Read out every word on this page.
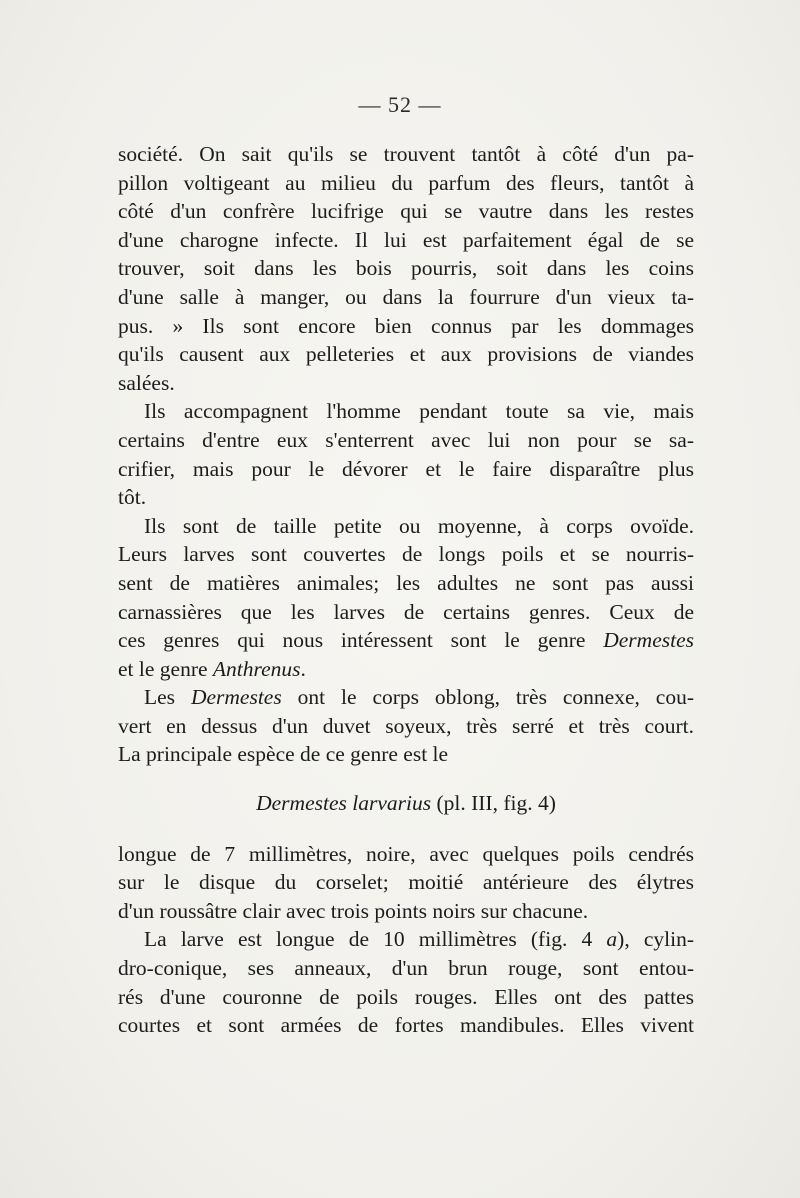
— 52 —
société. On sait qu'ils se trouvent tantôt à côté d'un pa-
pillon voltigeant au milieu du parfum des fleurs, tantôt à
côté d'un confrère lucifrige qui se vautre dans les restes
d'une charogne infecte. Il lui est parfaitement égal de se
trouver, soit dans les bois pourris, soit dans les coins
d'une salle à manger, ou dans la fourrure d'un vieux ta-
pus. » Ils sont encore bien connus par les dommages
qu'ils causent aux pelleteries et aux provisions de viandes
salées.
Ils accompagnent l'homme pendant toute sa vie, mais
certains d'entre eux s'enterrent avec lui non pour se sa-
crifier, mais pour le dévorer et le faire disparaître plus
tôt.
Ils sont de taille petite ou moyenne, à corps ovoïde.
Leurs larves sont couvertes de longs poils et se nourris-
sent de matières animales; les adultes ne sont pas aussi
carnassières que les larves de certains genres. Ceux de
ces genres qui nous intéressent sont le genre Dermestes
et le genre Anthrenus.
Les Dermestes ont le corps oblong, très connexe, cou-
vert en dessus d'un duvet soyeux, très serré et très court.
La principale espèce de ce genre est le
Dermestes larvarius (pl. III, fig. 4)
longue de 7 millimètres, noire, avec quelques poils cendrés
sur le disque du corselet; moitié antérieure des élytres
d'un roussâtre clair avec trois points noirs sur chacune.
La larve est longue de 10 millimètres (fig. 4 a), cylin-
dro-conique, ses anneaux, d'un brun rouge, sont entou-
rés d'une couronne de poils rouges. Elles ont des pattes
courtes et sont armées de fortes mandibules. Elles vivent
